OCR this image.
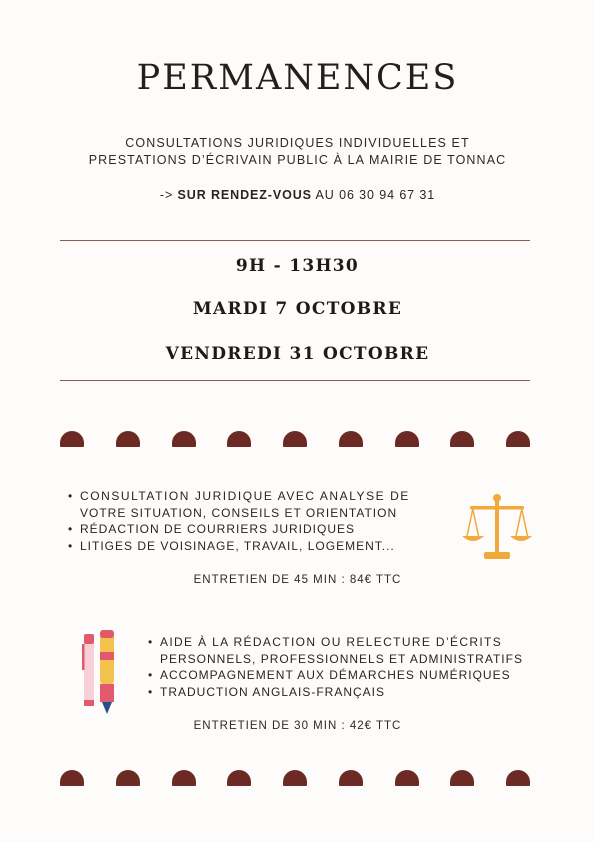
PERMANENCES
CONSULTATIONS JURIDIQUES INDIVIDUELLES ET
PRESTATIONS D’ÉCRIVAIN PUBLIC À LA MAIRIE DE TONNAC
-> SUR RENDEZ-VOUS AU 06 30 94 67 31
9H - 13H30
MARDI 7 OCTOBRE
VENDREDI 31 OCTOBRE
• CONSULTATION JURIDIQUE AVEC ANALYSE DE
VOTRE SITUATION, CONSEILS ET ORIENTATION
• RÉDACTION DE COURRIERS JURIDIQUES
• LITIGES DE VOISINAGE, TRAVAIL, LOGEMENT...
ENTRETIEN DE 45 MIN : 84€ TTC
• AIDE À LA RÉDACTION OU RELECTURE D’ÉCRITS
PERSONNELS, PROFESSIONNELS ET ADMINISTRATIFS
• ACCOMPAGNEMENT AUX DÉMARCHES NUMÉRIQUES
• TRADUCTION ANGLAIS-FRANÇAIS
ENTRETIEN DE 30 MIN : 42€ TTC
